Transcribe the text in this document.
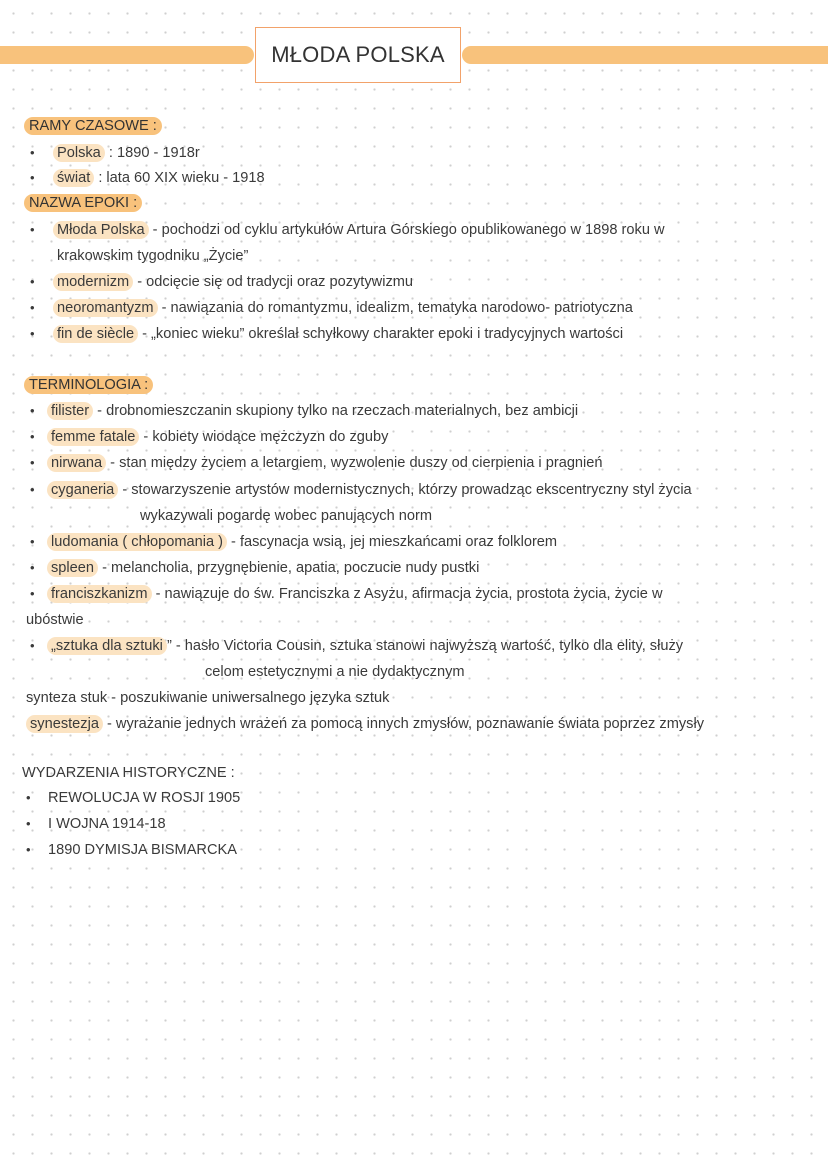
MŁODA POLSKA
RAMY CZASOWE :
• Polska : 1890 - 1918r
• świat : lata 60 XIX wieku - 1918
NAZWA EPOKI :
• Młoda Polska - pochodzi od cyklu artykułów Artura Górskiego opublikowanego w 1898 roku w
krakowskim tygodniku „Życie”
• modernizm - odcięcie się od tradycji oraz pozytywizmu
• neoromantyzm - nawiązania do romantyzmu, idealizm, tematyka narodowo- patriotyczna
• fin de siècle - „koniec wieku” określał schyłkowy charakter epoki i tradycyjnych wartości
TERMINOLOGIA :
• filister - drobnomieszczanin skupiony tylko na rzeczach materialnych, bez ambicji
• femme fatale - kobiety wiodące mężczyzn do zguby
• nirwana - stan między życiem a letargiem, wyzwolenie duszy od cierpienia i pragnień
• cyganeria - stowarzyszenie artystów modernistycznych, którzy prowadząc ekscentryczny styl życia
wykazywali pogardę wobec panujących norm
• ludomania ( chłopomania ) - fascynacja wsią, jej mieszkańcami oraz folklorem
• spleen - melancholia, przygnębienie, apatia, poczucie nudy pustki
• franciszkanizm - nawiązuje do św. Franciszka z Asyżu, afirmacja życia, prostota życia, życie w
ubóstwie
• „sztuka dla sztuki ” - hasło Victoria Cousin, sztuka stanowi najwyższą wartość, tylko dla elity, służy
celom estetycznymi a nie dydaktycznym
synteza stuk - poszukiwanie uniwersalnego języka sztuk
synestezja - wyrażanie jednych wrażeń za pomocą innych zmysłów, poznawanie świata poprzez zmysły
WYDARZENIA HISTORYCZNE :
• REWOLUCJA W ROSJI 1905
• I WOJNA 1914-18
• 1890 DYMISJA BISMARCKA
